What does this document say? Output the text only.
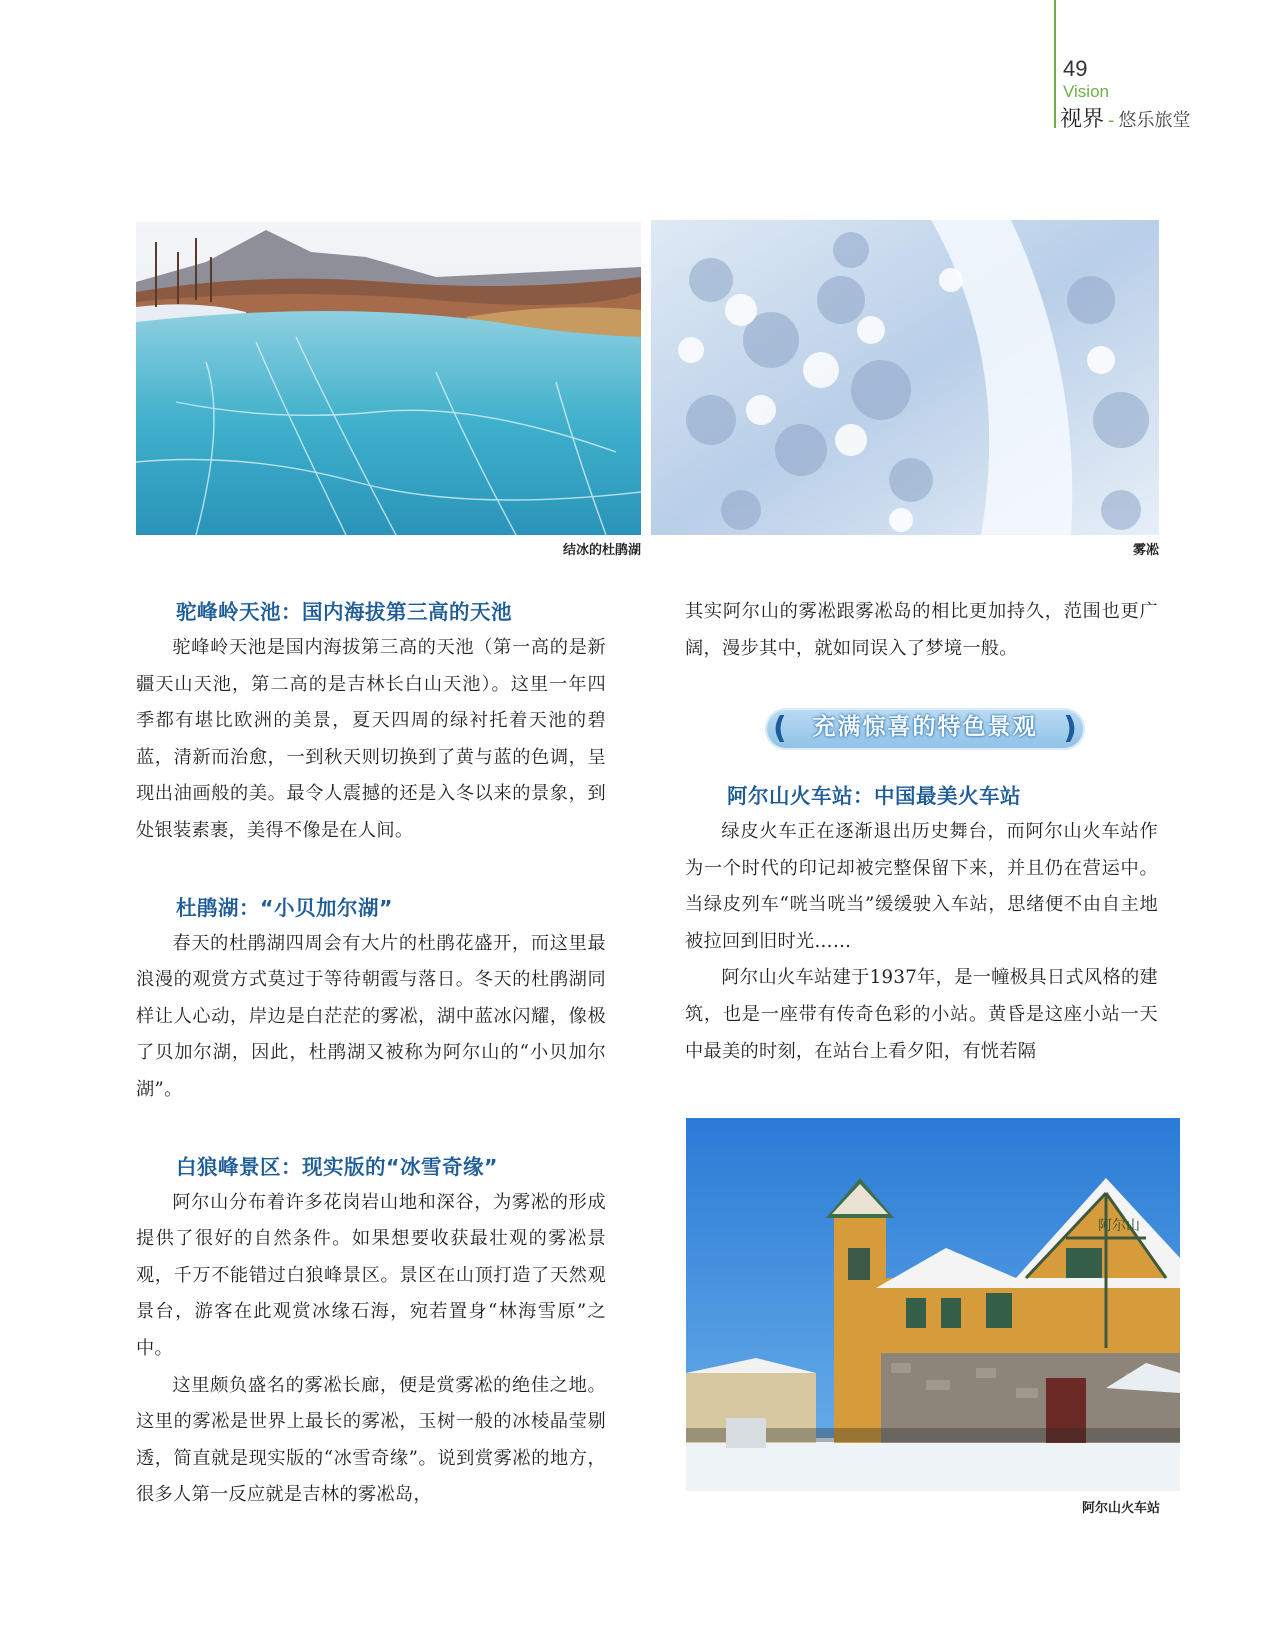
49
Vision
视界 - 悠乐旅堂
结冰的杜鹃湖	雾凇
驼峰岭天池：国内海拔第三高的天池

驼峰岭天池是国内海拔第三高的天池（第一高的是新疆天山天池，第二高的是吉林长白山天池）。这里一年四季都有堪比欧洲的美景，夏天四周的绿衬托着天池的碧蓝，清新而治愈，一到秋天则切换到了黄与蓝的色调，呈现出油画般的美。最令人震撼的还是入冬以来的景象，到处银装素裹，美得不像是在人间。

杜鹃湖：“小贝加尔湖”

春天的杜鹃湖四周会有大片的杜鹃花盛开，而这里最浪漫的观赏方式莫过于等待朝霞与落日。冬天的杜鹃湖同样让人心动，岸边是白茫茫的雾凇，湖中蓝冰闪耀，像极了贝加尔湖，因此，杜鹃湖又被称为阿尔山的“小贝加尔湖”。

白狼峰景区：现实版的“冰雪奇缘”

阿尔山分布着许多花岗岩山地和深谷，为雾凇的形成提供了很好的自然条件。如果想要收获最壮观的雾凇景观，千万不能错过白狼峰景区。景区在山顶打造了天然观景台，游客在此观赏冰缘石海，宛若置身“林海雪原”之中。

这里颇负盛名的雾凇长廊，便是赏雾凇的绝佳之地。这里的雾凇是世界上最长的雾凇，玉树一般的冰棱晶莹剔透，简直就是现实版的“冰雪奇缘”。说到赏雾凇的地方，很多人第一反应就是吉林的雾凇岛，

其实阿尔山的雾凇跟雾凇岛的相比更加持久，范围也更广阔，漫步其中，就如同误入了梦境一般。

(	充满惊喜的特色景观 )
阿尔山火车站：中国最美火车站

绿皮火车正在逐渐退出历史舞台，而阿尔山火车站作为一个时代的印记却被完整保留下来，并且仍在营运中。当绿皮列车“咣当咣当”缓缓驶入车站，思绪便不由自主地被拉回到旧时光……

阿尔山火车站建于1937年，是一幢极具日式风格的建筑，也是一座带有传奇色彩的小站。黄昏是这座小站一天中最美的时刻，在站台上看夕阳，有恍若隔

阿尔山
阿尔山火车站
